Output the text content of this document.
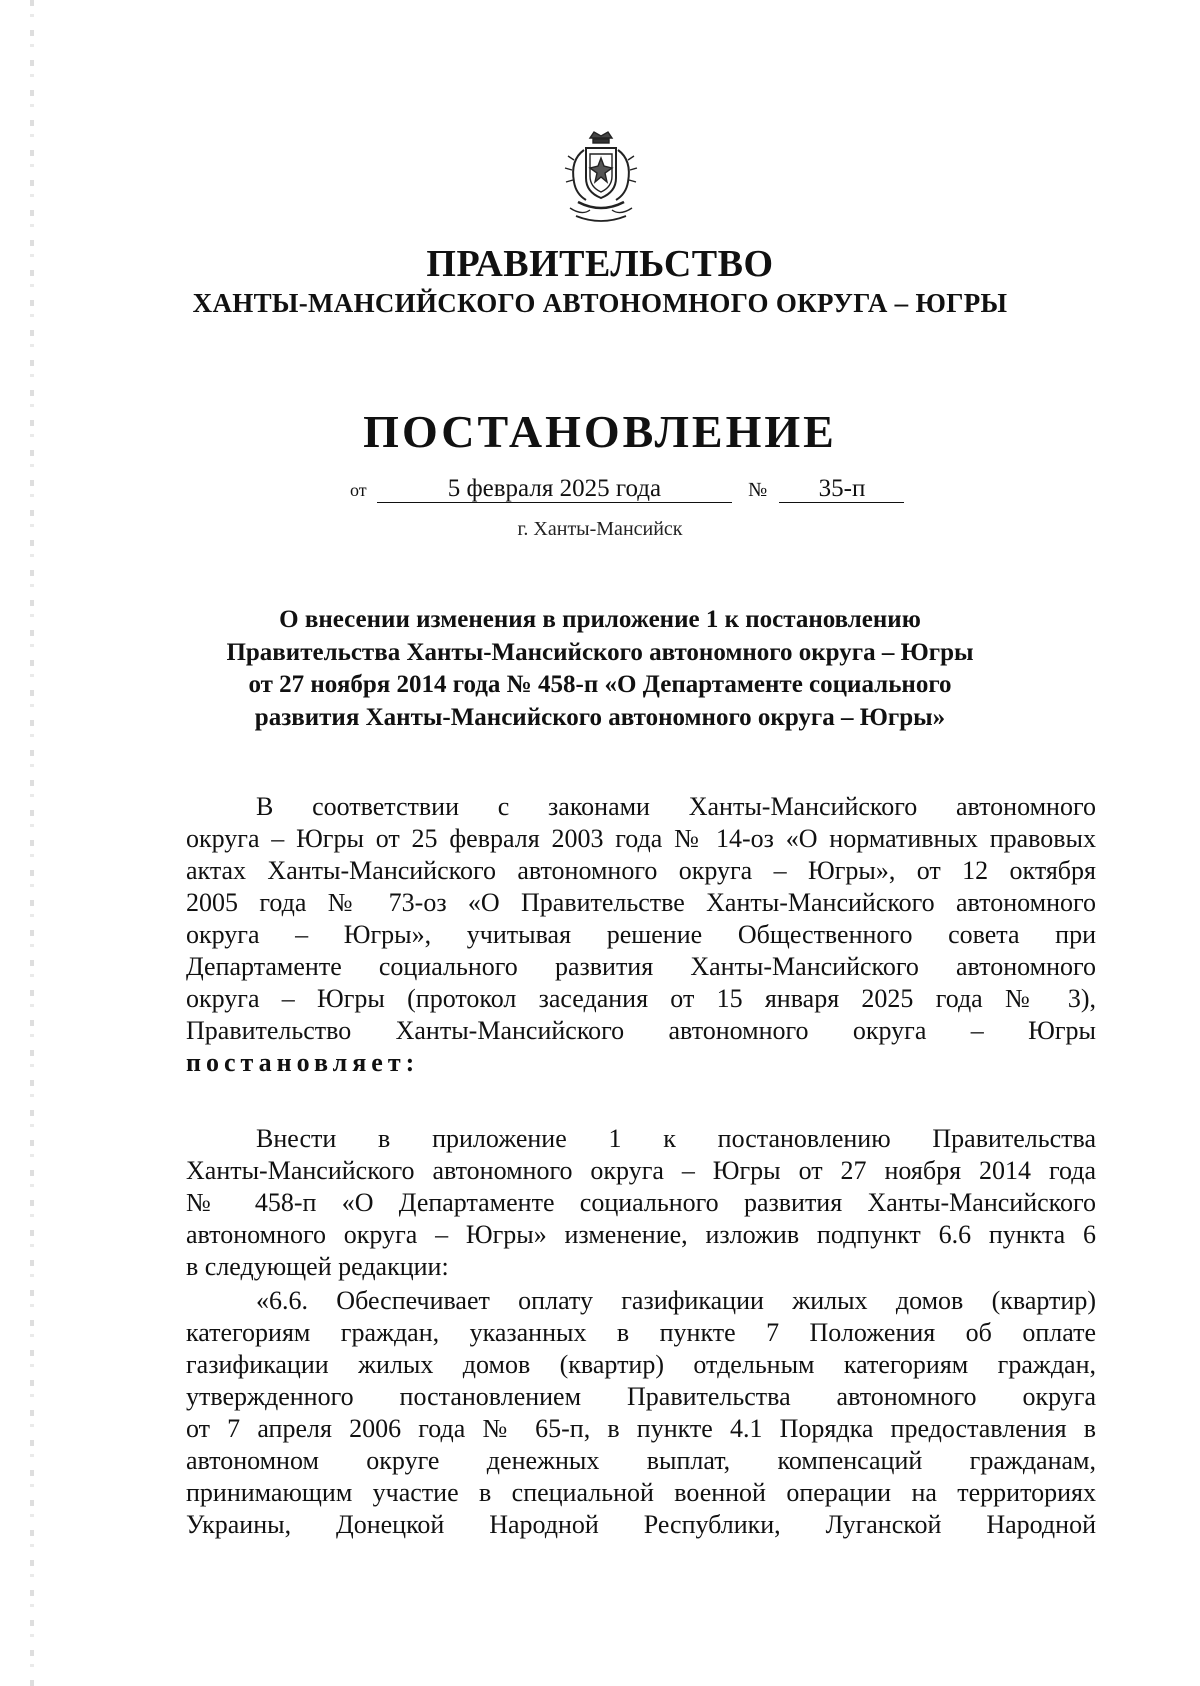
ПРАВИТЕЛЬСТВО
ХАНТЫ-МАНСИЙСКОГО АВТОНОМНОГО ОКРУГА – ЮГРЫ
ПОСТАНОВЛЕНИЕ
от	5 февраля 2025 года	№ 35-п
г. Ханты-Мансийск
О внесении изменения в приложение 1 к постановлению
Правительства Ханты-Мансийского автономного округа – Югры
от 27 ноября 2014 года № 458-п «О Департаменте социального
развития Ханты-Мансийского автономного округа – Югры»
В соответствии с законами Ханты-Мансийского автономного
округа – Югры от 25 февраля 2003 года № 14-оз «О нормативных правовых
актах Ханты-Мансийского автономного округа – Югры», от 12 октября
2005 года № 73-оз «О Правительстве Ханты-Мансийского автономного
округа – Югры», учитывая решение Общественного совета при
Департаменте социального развития Ханты-Мансийского автономного
округа – Югры (протокол заседания от 15 января 2025 года № 3),
Правительство Ханты-Мансийского автономного округа – Югры
постановляет:
Внести в приложение 1 к постановлению Правительства
Ханты-Мансийского автономного округа – Югры от 27 ноября 2014 года
№ 458-п «О Департаменте социального развития Ханты-Мансийского
автономного округа – Югры» изменение, изложив подпункт 6.6 пункта 6
в следующей редакции:
«6.6. Обеспечивает оплату газификации жилых домов (квартир)
категориям граждан, указанных в пункте 7 Положения об оплате
газификации жилых домов (квартир) отдельным категориям граждан,
утвержденного постановлением Правительства автономного округа
от 7 апреля 2006 года № 65-п, в пункте 4.1 Порядка предоставления в
автономном округе денежных выплат, компенсаций гражданам,
принимающим участие в специальной военной операции на территориях
Украины, Донецкой Народной Республики, Луганской Народной
